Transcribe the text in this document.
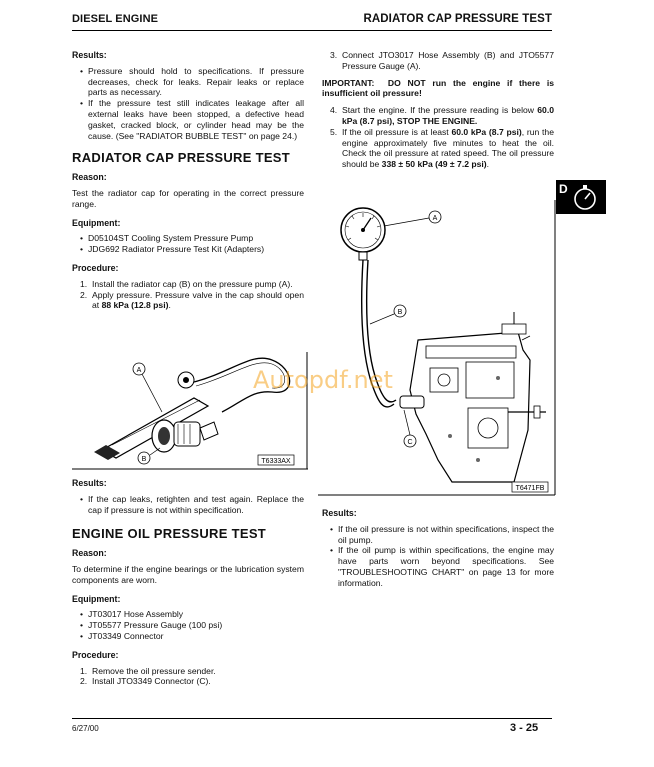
DIESEL ENGINE	RADIATOR CAP PRESSURE TEST

Results:

• Pressure should hold to specifications. If pressure decreases, check for leaks. Repair leaks or replace parts as necessary.

• If the pressure test still indicates leakage after all external leaks have been stopped, a defective head gasket, cracked block, or cylinder head may be the cause. (See "RADIATOR BUBBLE TEST" on page 24.)

RADIATOR CAP PRESSURE TEST

Reason:

Test the radiator cap for operating in the correct pressure range.

Equipment:

• D05104ST Cooling System Pressure Pump

• JDG692 Radiator Pressure Test Kit (Adapters)

Procedure:

1. Install the radiator cap (B) on the pressure pump (A).

2. Apply pressure. Pressure valve in the cap should open at 88 kPa (12.8 psi).

A
B	T6333AX

Results:

• If the cap leaks, retighten and test again. Replace the cap if pressure is not within specification.

ENGINE OIL PRESSURE TEST

Reason:

To determine if the engine bearings or the lubrication system components are worn.

Equipment:

• JT03017 Hose Assembly

• JT05577 Pressure Gauge (100 psi)

• JT03349 Connector

Procedure:

1. Remove the oil pressure sender.

2. Install JTO3349 Connector (C).

3. Connect JTO3017 Hose Assembly (B) and JTO5577 Pressure Gauge (A).

IMPORTANT: DO NOT run the engine if there is insufficient oil pressure!

4. Start the engine. If the pressure reading is below 60.0 kPa (8.7 psi), STOP THE ENGINE.

5. If the oil pressure is at least 60.0 kPa (8.7 psi), run the engine approximately five minutes to heat the oil. Check the oil pressure at rated speed. The oil pressure should be 338 ± 50 kPa (49 ± 7.2 psi).

D
A
B
C
T6471FB

Results:

• If the oil pressure is not within specifications, inspect the oil pump.

• If the oil pump is within specifications, the engine may have parts worn beyond specifications. See "TROUBLESHOOTING CHART" on page 13 for more information.

Autopdf.net
6/27/00	3 - 25
